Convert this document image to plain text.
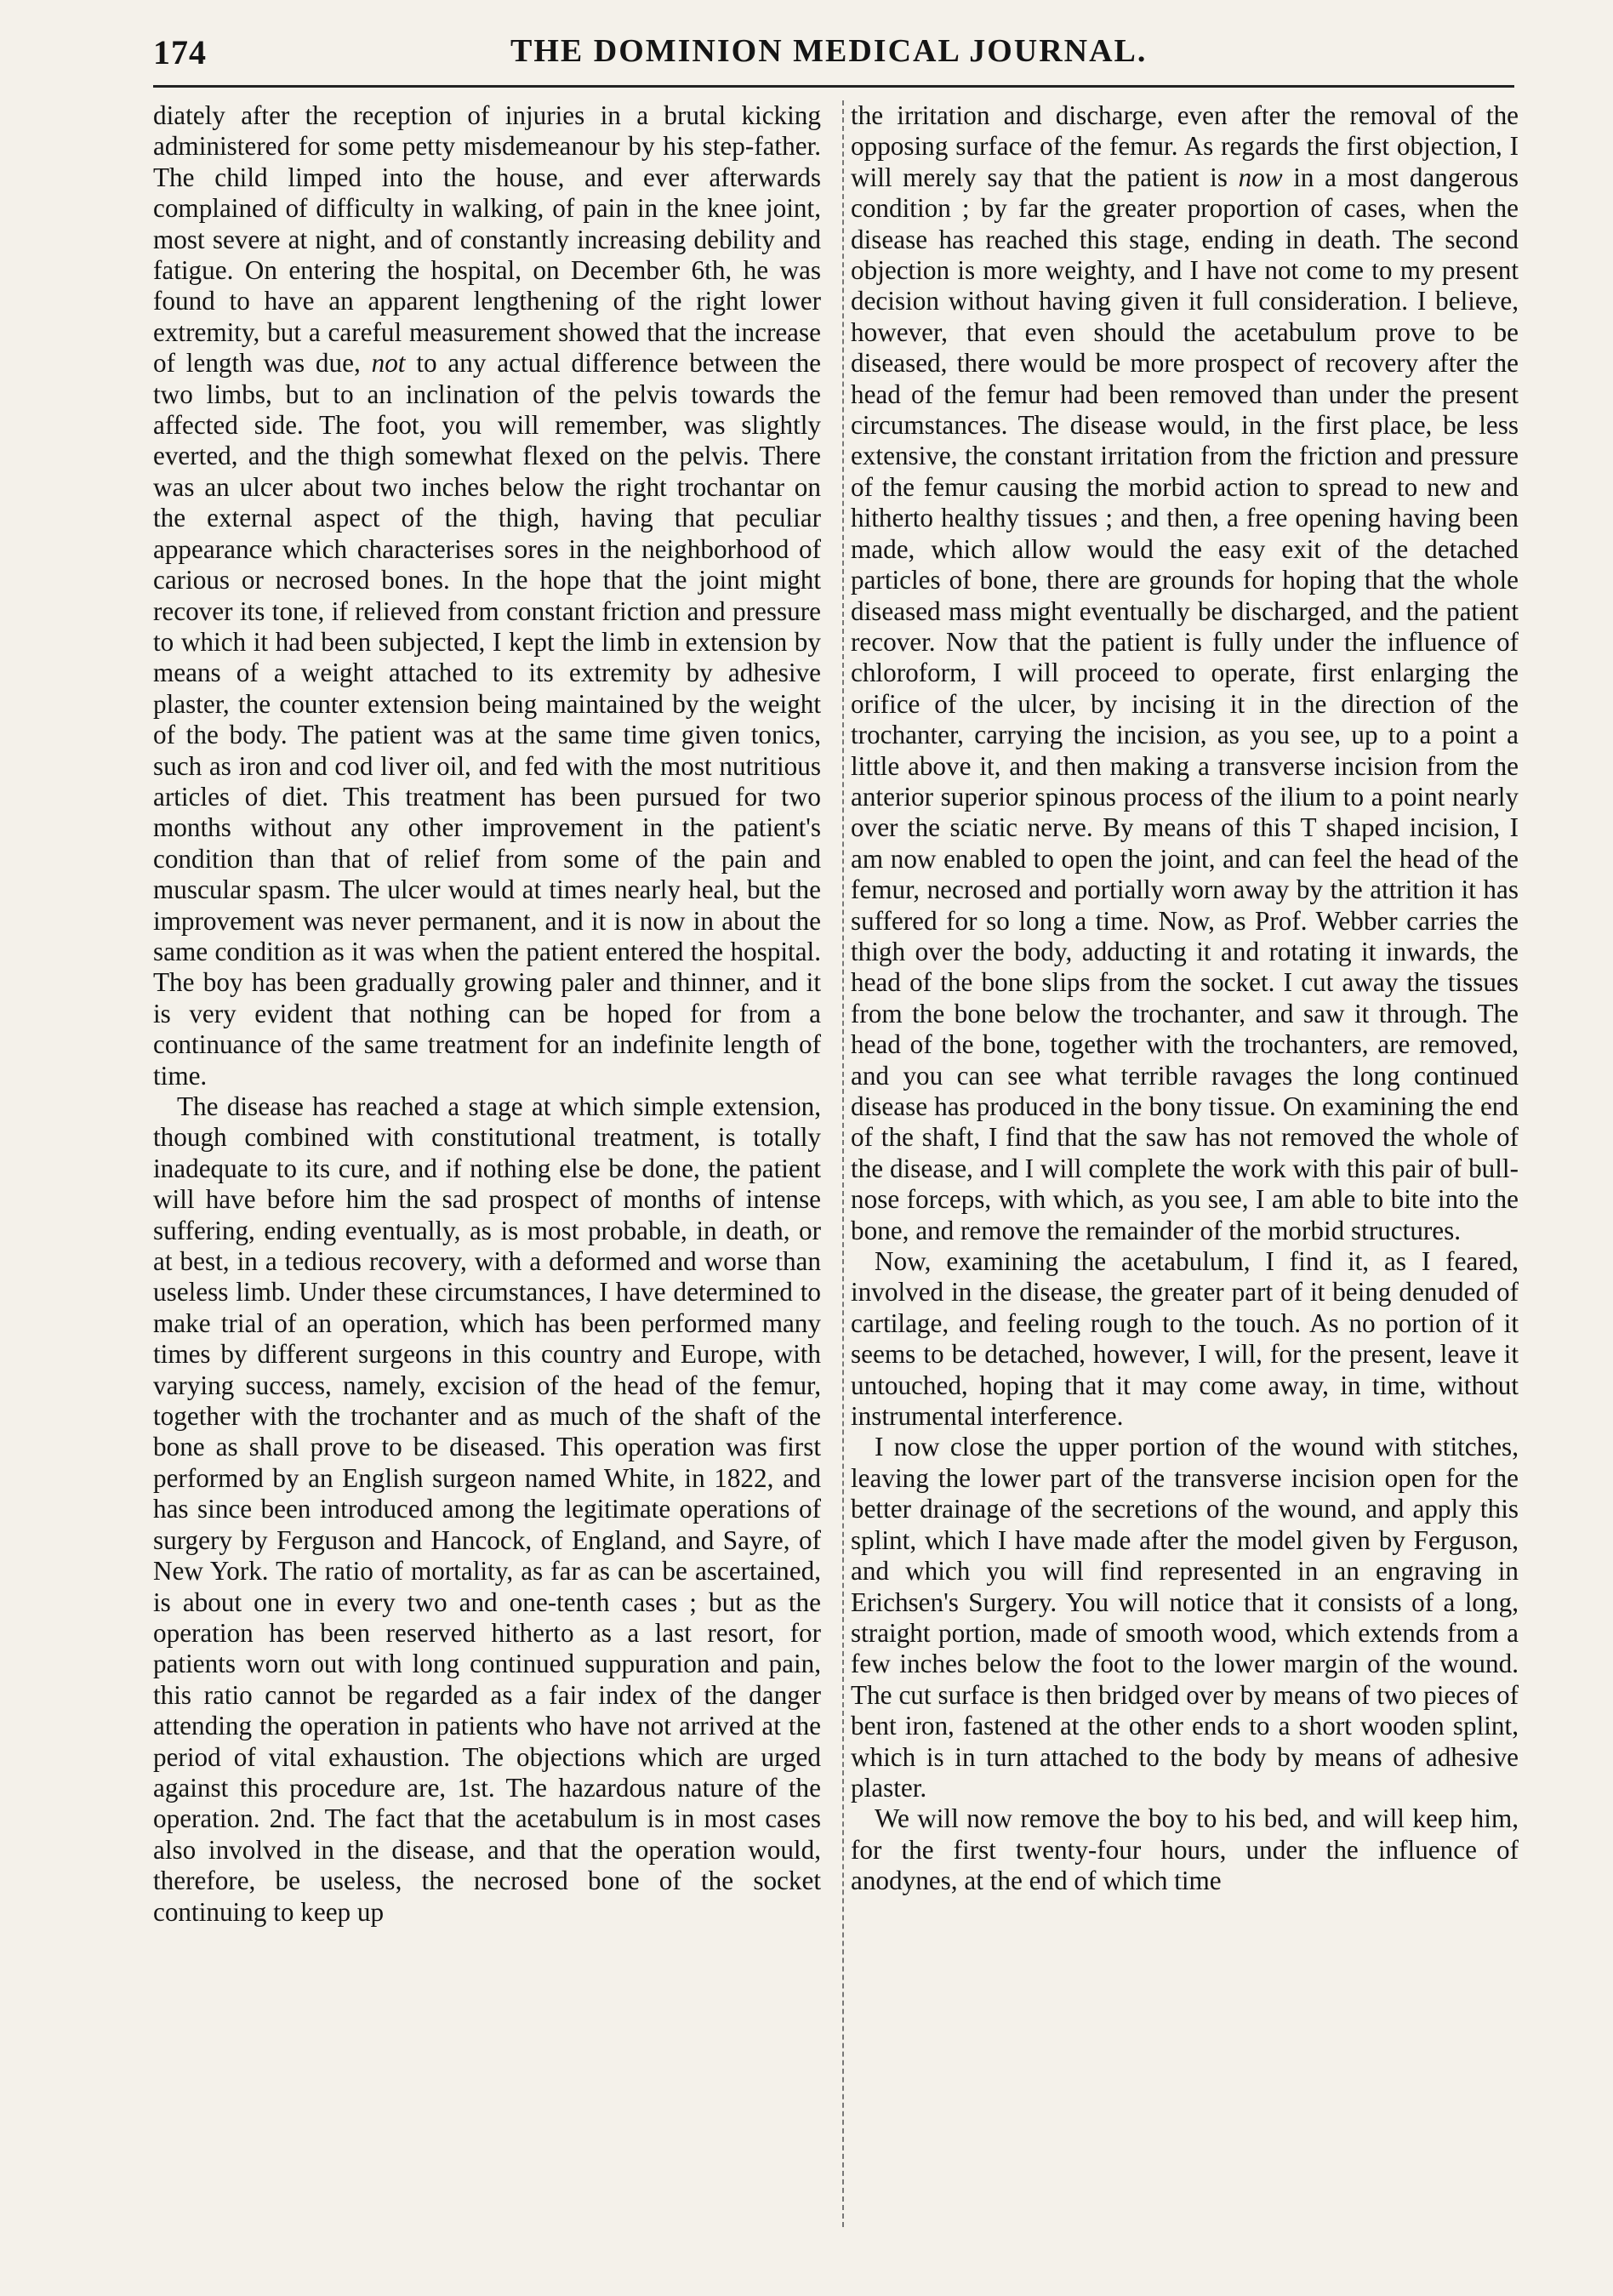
174	THE DOMINION MEDICAL JOURNAL.

diately after the reception of injuries in a brutal kicking administered for some petty misdemeanour by his step-father. The child limped into the house, and ever afterwards complained of difficulty in walking, of pain in the knee joint, most severe at night, and of constantly increasing debility and fatigue. On entering the hospital, on December 6th, he was found to have an apparent lengthening of the right lower extremity, but a careful measurement showed that the increase of length was due, not to any actual difference between the two limbs, but to an inclination of the pelvis towards the affected side. The foot, you will remember, was slightly everted, and the thigh somewhat flexed on the pelvis. There was an ulcer about two inches below the right trochantar on the external aspect of the thigh, having that peculiar appearance which characterises sores in the neighborhood of carious or necrosed bones. In the hope that the joint might recover its tone, if relieved from constant friction and pressure to which it had been subjected, I kept the limb in extension by means of a weight attached to its extremity by adhesive plaster, the counter extension being maintained by the weight of the body. The patient was at the same time given tonics, such as iron and cod liver oil, and fed with the most nutritious articles of diet. This treatment has been pursued for two months without any other improvement in the patient's condition than that of relief from some of the pain and muscular spasm. The ulcer would at times nearly heal, but the improvement was never permanent, and it is now in about the same condition as it was when the patient entered the hospital. The boy has been gradually growing paler and thinner, and it is very evident that nothing can be hoped for from a continuance of the same treatment for an indefinite length of time.

The disease has reached a stage at which simple extension, though combined with constitutional treatment, is totally inadequate to its cure, and if nothing else be done, the patient will have before him the sad prospect of months of intense suffering, ending eventually, as is most probable, in death, or at best, in a tedious recovery, with a deformed and worse than useless limb. Under these circumstances, I have determined to make trial of an operation, which has been performed many times by different surgeons in this country and Europe, with varying success, namely, excision of the head of the femur, together with the trochanter and as much of the shaft of the bone as shall prove to be diseased. This operation was first performed by an English surgeon named White, in 1822, and has since been introduced among the legitimate operations of surgery by Ferguson and Hancock, of England, and Sayre, of New York. The ratio of mortality, as far as can be ascertained, is about one in every two and one-tenth cases ; but as the operation has been reserved hitherto as a last resort, for patients worn out with long continued suppuration and pain, this ratio cannot be regarded as a fair index of the danger attending the operation in patients who have not arrived at the period of vital exhaustion. The objections which are urged against this procedure are, 1st. The hazardous nature of the operation. 2nd. The fact that the acetabulum is in most cases also involved in the disease, and that the operation would, therefore, be useless, the necrosed bone of the socket continuing to keep up

the irritation and discharge, even after the removal of the opposing surface of the femur. As regards the first objection, I will merely say that the patient is now in a most dangerous condition ; by far the greater proportion of cases, when the disease has reached this stage, ending in death. The second objection is more weighty, and I have not come to my present decision without having given it full consideration. I believe, however, that even should the acetabulum prove to be diseased, there would be more prospect of recovery after the head of the femur had been removed than under the present circumstances. The disease would, in the first place, be less extensive, the constant irritation from the friction and pressure of the femur causing the morbid action to spread to new and hitherto healthy tissues ; and then, a free opening having been made, which allow would the easy exit of the detached particles of bone, there are grounds for hoping that the whole diseased mass might eventually be discharged, and the patient recover. Now that the patient is fully under the influence of chloroform, I will proceed to operate, first enlarging the orifice of the ulcer, by incising it in the direction of the trochanter, carrying the incision, as you see, up to a point a little above it, and then making a transverse incision from the anterior superior spinous process of the ilium to a point nearly over the sciatic nerve. By means of this T shaped incision, I am now enabled to open the joint, and can feel the head of the femur, necrosed and portially worn away by the attrition it has suffered for so long a time. Now, as Prof. Webber carries the thigh over the body, adducting it and rotating it inwards, the head of the bone slips from the socket. I cut away the tissues from the bone below the trochanter, and saw it through. The head of the bone, together with the trochanters, are removed, and you can see what terrible ravages the long continued disease has produced in the bony tissue. On examining the end of the shaft, I find that the saw has not removed the whole of the disease, and I will complete the work with this pair of bull-nose forceps, with which, as you see, I am able to bite into the bone, and remove the remainder of the morbid structures.

Now, examining the acetabulum, I find it, as I feared, involved in the disease, the greater part of it being denuded of cartilage, and feeling rough to the touch. As no portion of it seems to be detached, however, I will, for the present, leave it untouched, hoping that it may come away, in time, without instrumental interference.

I now close the upper portion of the wound with stitches, leaving the lower part of the transverse incision open for the better drainage of the secretions of the wound, and apply this splint, which I have made after the model given by Ferguson, and which you will find represented in an engraving in Erichsen's Surgery. You will notice that it consists of a long, straight portion, made of smooth wood, which extends from a few inches below the foot to the lower margin of the wound. The cut surface is then bridged over by means of two pieces of bent iron, fastened at the other ends to a short wooden splint, which is in turn attached to the body by means of adhesive plaster.

We will now remove the boy to his bed, and will keep him, for the first twenty-four hours, under the influence of anodynes, at the end of which time
